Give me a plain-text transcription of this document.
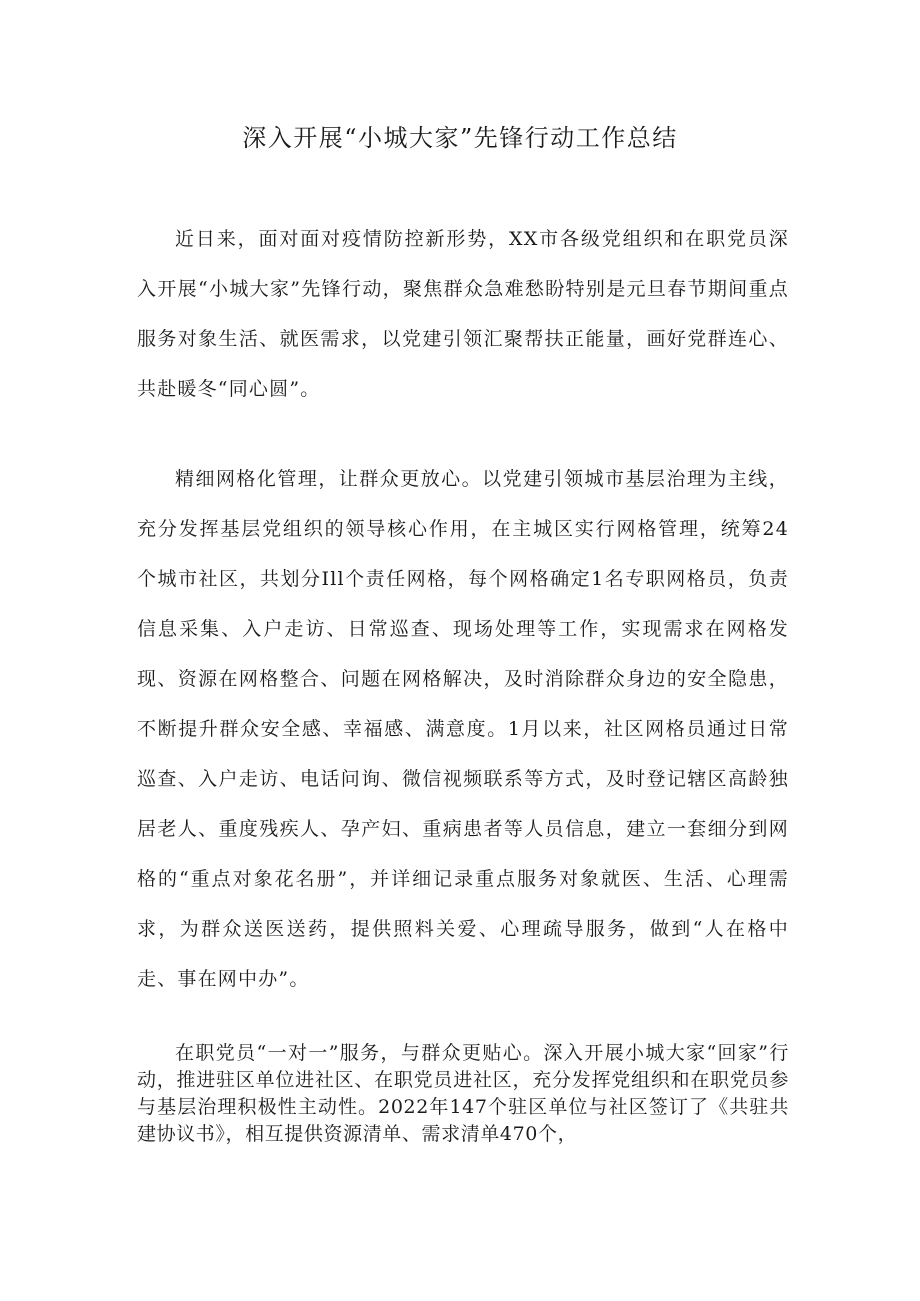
深入开展“小城大家”先锋行动工作总结

近日来，面对面对疫情防控新形势，XX市各级党组织和在职党员深入开展“小城大家”先锋行动，聚焦群众急难愁盼特别是元旦春节期间重点服务对象生活、就医需求，以党建引领汇聚帮扶正能量，画好党群连心、共赴暖冬“同心圆”。

精细网格化管理，让群众更放心。以党建引领城市基层治理为主线，充分发挥基层党组织的领导核心作用，在主城区实行网格管理，统筹24个城市社区，共划分Ill个责任网格，每个网格确定1名专职网格员，负责信息采集、入户走访、日常巡查、现场处理等工作，实现需求在网格发现、资源在网格整合、问题在网格解决，及时消除群众身边的安全隐患，不断提升群众安全感、幸福感、满意度。1月以来，社区网格员通过日常巡查、入户走访、电话问询、微信视频联系等方式，及时登记辖区高龄独居老人、重度残疾人、孕产妇、重病患者等人员信息，建立一套细分到网格的“重点对象花名册”，并详细记录重点服务对象就医、生活、心理需求，为群众送医送药，提供照料关爱、心理疏导服务，做到“人在格中走、事在网中办”。

在职党员“一对一”服务，与群众更贴心。深入开展小城大家“回家”行动，推进驻区单位进社区、在职党员进社区，充分发挥党组织和在职党员参与基层治理积极性主动性。2022年147个驻区单位与社区签订了《共驻共建协议书》，相互提供资源清单、需求清单470个，
